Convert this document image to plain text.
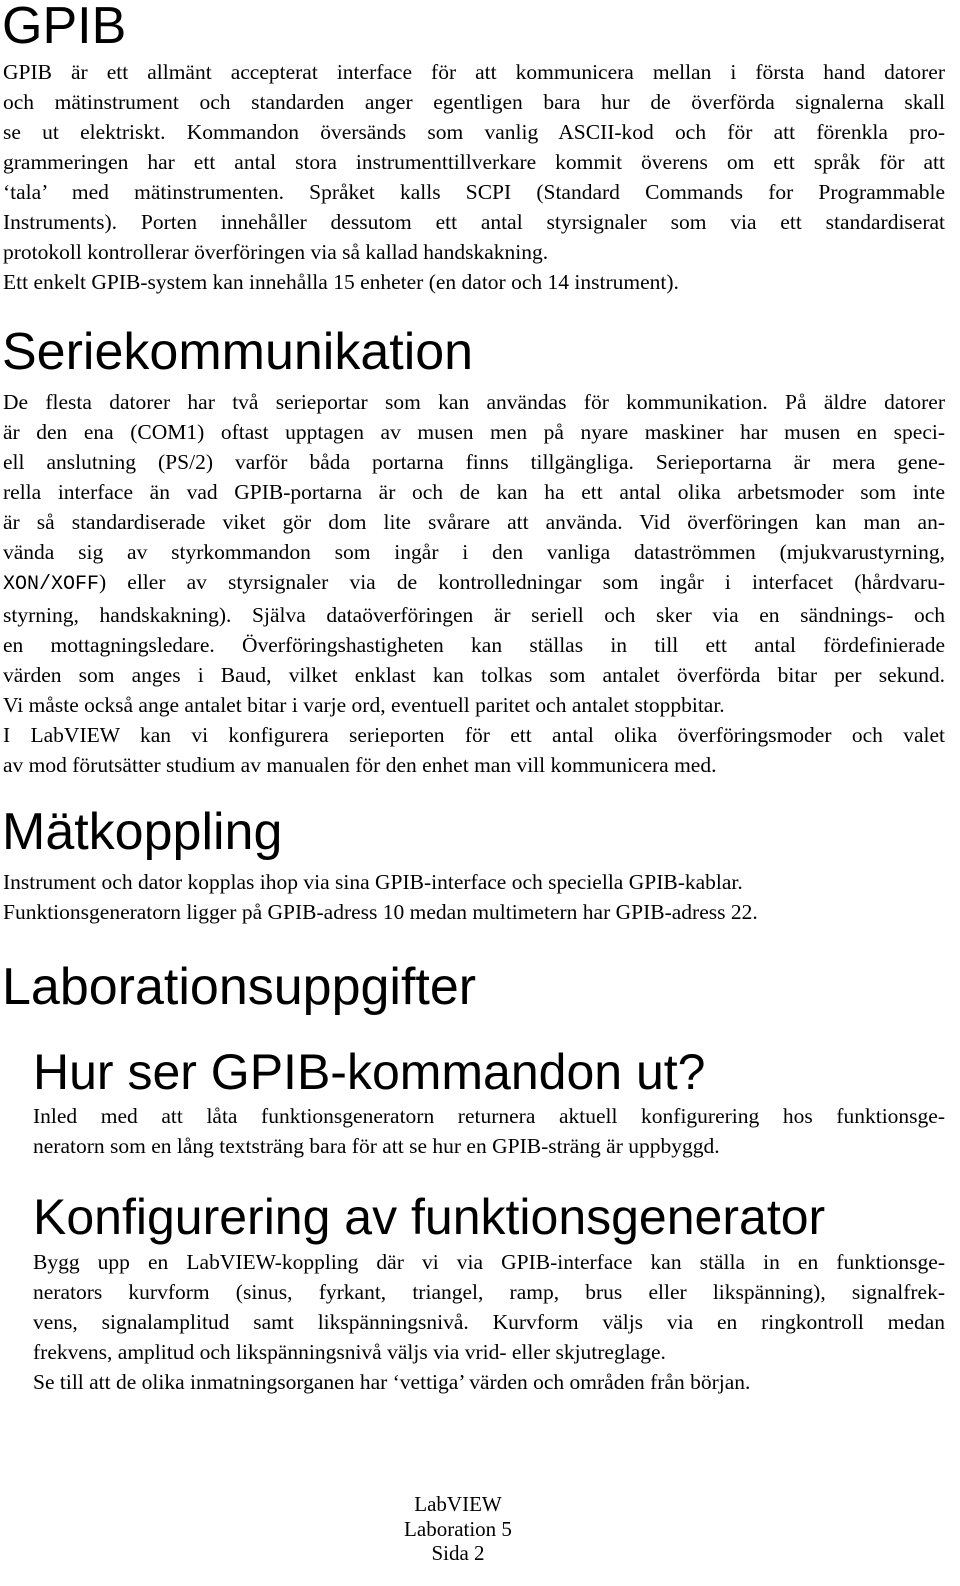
GPIB
GPIB är ett allmänt accepterat interface för att kommunicera mellan i första hand datorer
och mätinstrument och standarden anger egentligen bara hur de överförda signalerna skall
se ut elektriskt. Kommandon översänds som vanlig ASCII-kod och för att förenkla pro-
grammeringen har ett antal stora instrumenttillverkare kommit överens om ett språk för att
‘tala’ med mätinstrumenten. Språket kalls SCPI (Standard Commands for Programmable
Instruments). Porten innehåller dessutom ett antal styrsignaler som via ett standardiserat
protokoll kontrollerar överföringen via så kallad handskakning.
Ett enkelt GPIB-system kan innehålla 15 enheter (en dator och 14 instrument).
Seriekommunikation
De flesta datorer har två serieportar som kan användas för kommunikation. På äldre datorer
är den ena (COM1) oftast upptagen av musen men på nyare maskiner har musen en speci-
ell anslutning (PS/2) varför båda portarna finns tillgängliga. Serieportarna är mera gene-
rella interface än vad GPIB-portarna är och de kan ha ett antal olika arbetsmoder som inte
är så standardiserade viket gör dom lite svårare att använda. Vid överföringen kan man an-
vända sig av styrkommandon som ingår i den vanliga dataströmmen (mjukvarustyrning,
XON/XOFF) eller av styrsignaler via de kontrolledningar som ingår i interfacet (hårdvaru-
styrning, handskakning). Själva dataöverföringen är seriell och sker via en sändnings- och
en mottagningsledare. Överföringshastigheten kan ställas in till ett antal fördefinierade
värden som anges i Baud, vilket enklast kan tolkas som antalet överförda bitar per sekund.
Vi måste också ange antalet bitar i varje ord, eventuell paritet och antalet stoppbitar.
I LabVIEW kan vi konfigurera serieporten för ett antal olika överföringsmoder och valet
av mod förutsätter studium av manualen för den enhet man vill kommunicera med.
Mätkoppling
Instrument och dator kopplas ihop via sina GPIB-interface och speciella GPIB-kablar.
Funktionsgeneratorn ligger på GPIB-adress 10 medan multimetern har GPIB-adress 22.
Laborationsuppgifter
Hur ser GPIB-kommandon ut?
Inled med att låta funktionsgeneratorn returnera aktuell konfigurering hos funktionsge-
neratorn som en lång textsträng bara för att se hur en GPIB-sträng är uppbyggd.
Konfigurering av funktionsgenerator
Bygg upp en LabVIEW-koppling där vi via GPIB-interface kan ställa in en funktionsge-
nerators kurvform (sinus, fyrkant, triangel, ramp, brus eller likspänning), signalfrek-
vens, signalamplitud samt likspänningsnivå. Kurvform väljs via en ringkontroll medan
frekvens, amplitud och likspänningsnivå väljs via vrid- eller skjutreglage.
Se till att de olika inmatningsorganen har ‘vettiga’ värden och områden från början.
LabVIEW
Laboration 5
Sida 2
